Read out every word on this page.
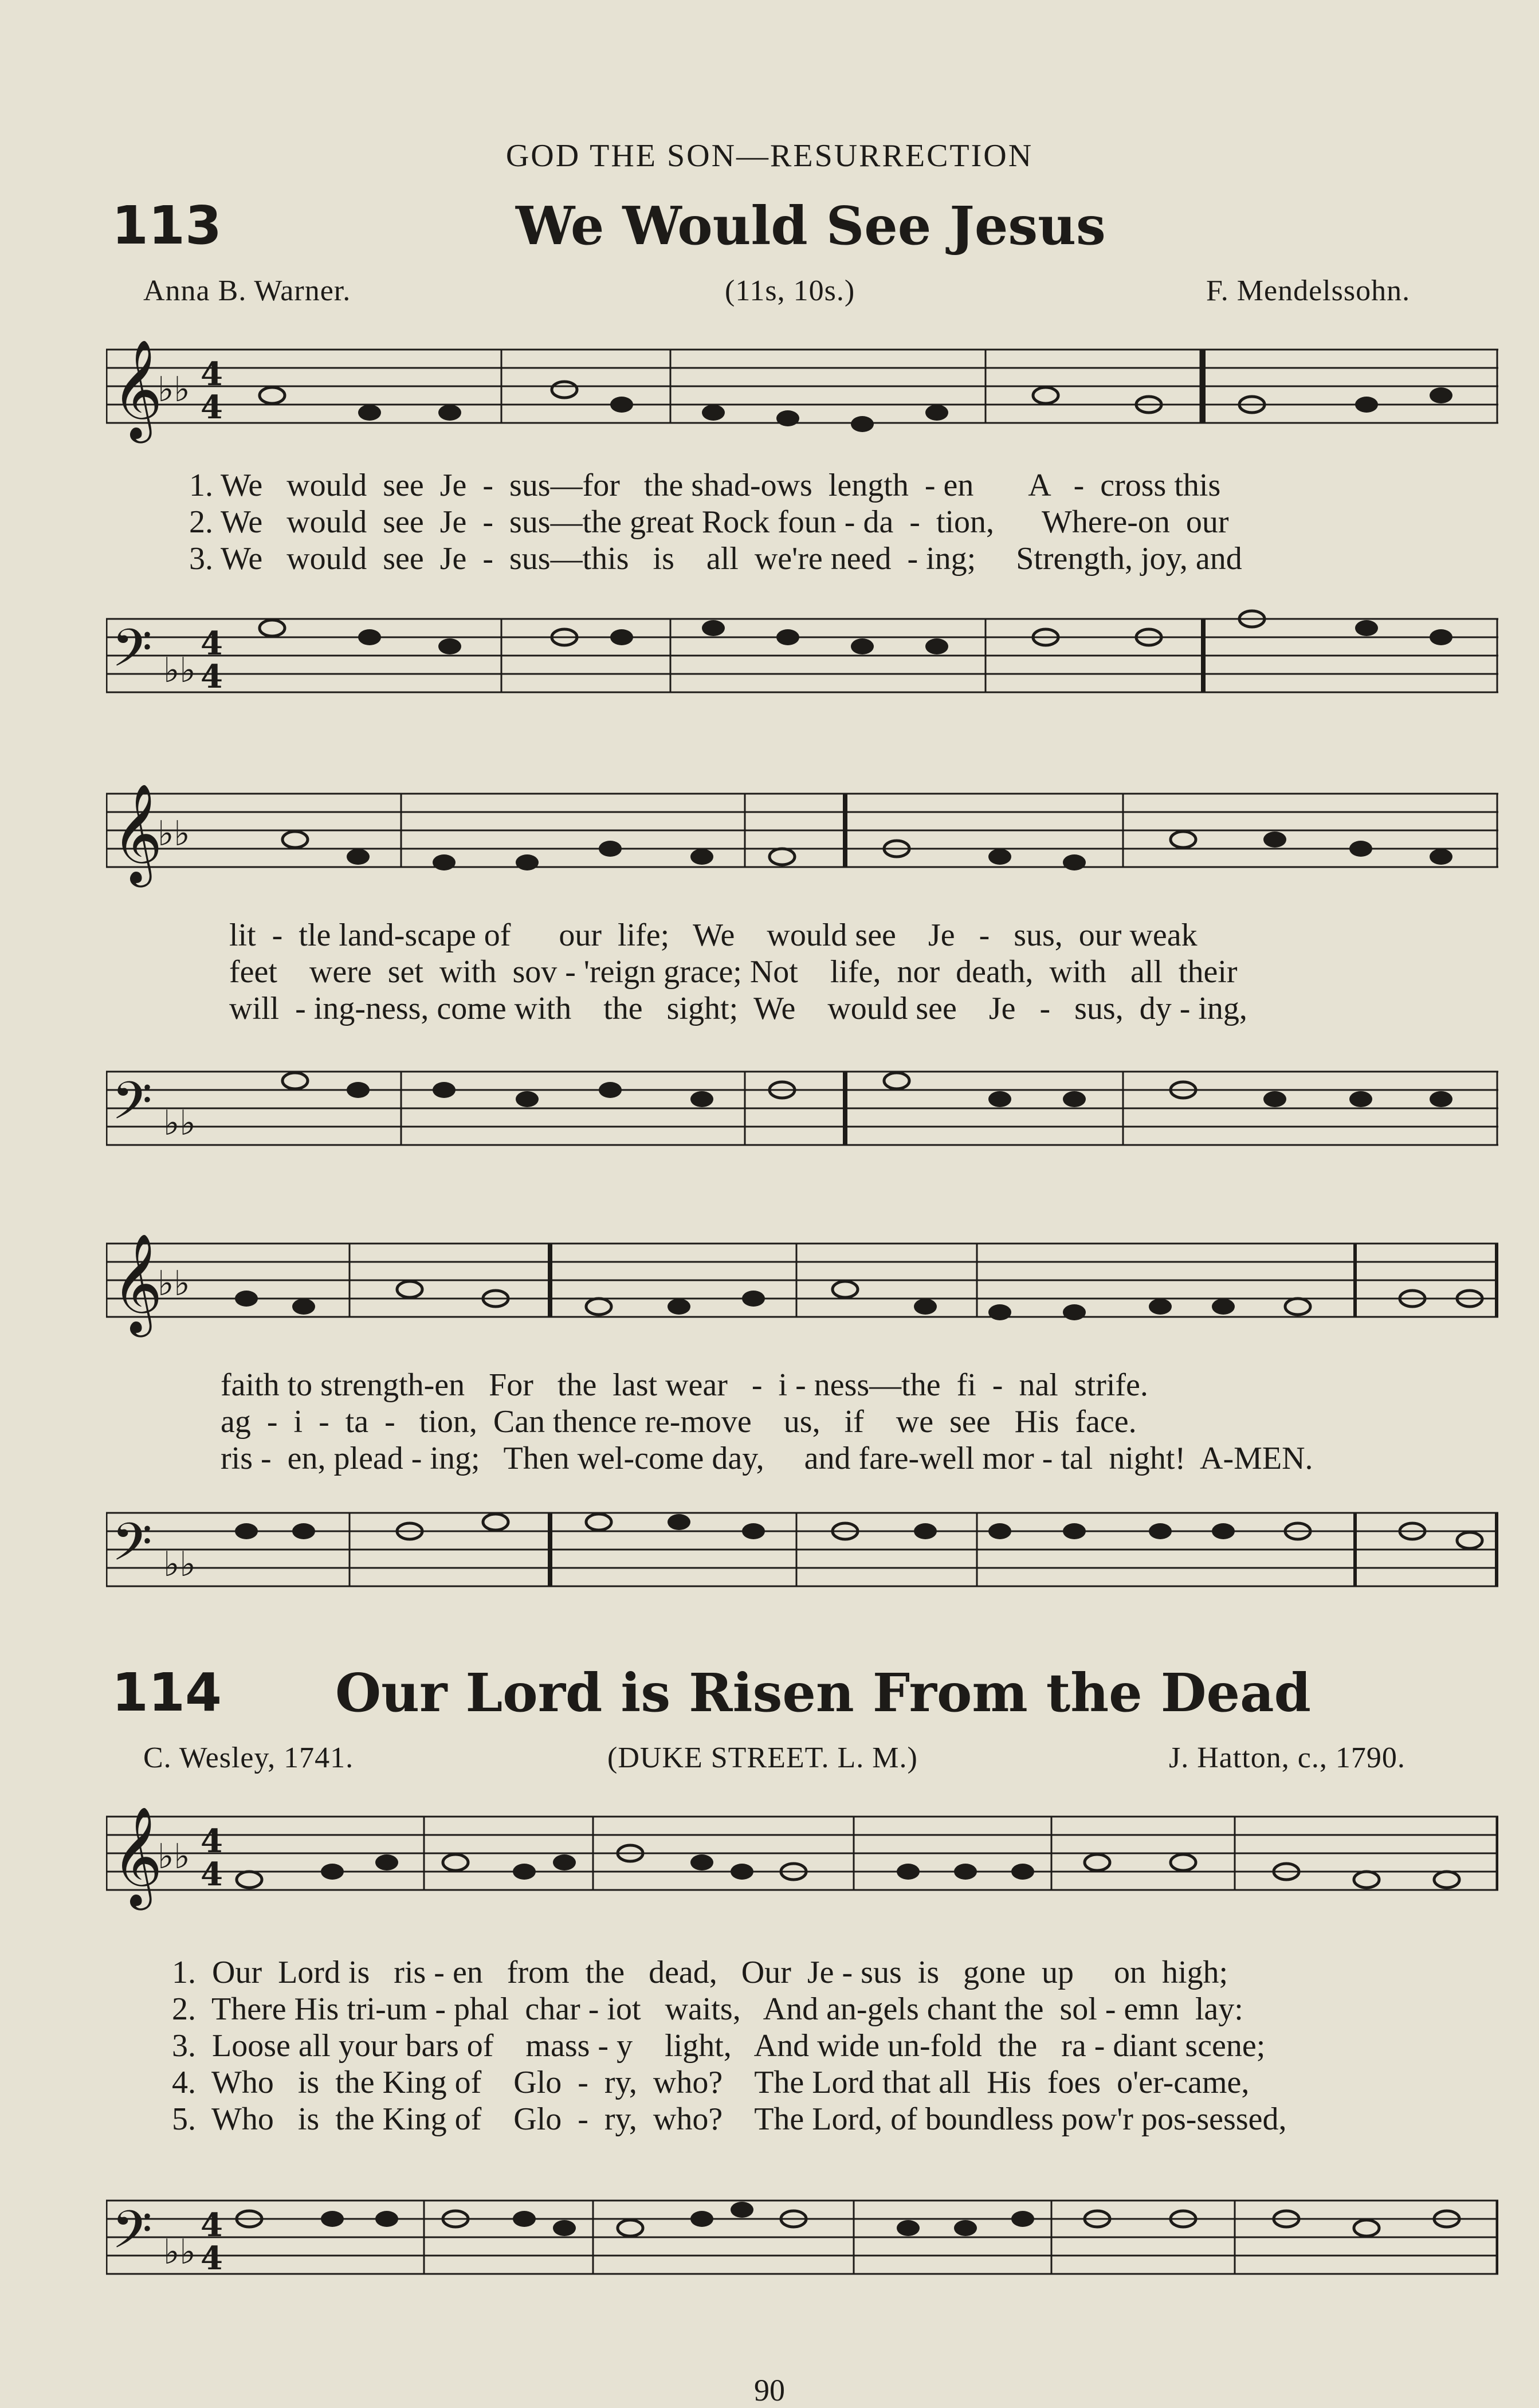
GOD THE SON—RESURRECTION
113	We Would See Jesus
Anna B. Warner.	(11s, 10s.)	F. Mendelssohn.
𝄞
♭♭ 4
4
1. We   would  see  Je  -  sus—for   the shad-ows  length  - en       A   -  cross this
2. We   would  see  Je  -  sus—the great Rock foun - da  -  tion,      Where-on  our
3. We   would  see  Je  -  sus—this   is    all  we're need  - ing;     Strength, joy, and
𝄢 ♭♭
4
4
𝄞
♭♭
lit  -  tle land-scape of      our  life;   We    would see    Je   -   sus,  our weak
feet    were  set  with  sov - 'reign grace; Not    life,  nor  death,  with   all  their
will  - ing-ness, come with    the   sight;  We    would see    Je   -   sus,  dy - ing,
𝄢 ♭♭
𝄞
♭♭
faith to strength-en   For   the  last wear   -  i - ness—the  fi  -  nal  strife.
ag  -  i  -  ta  -   tion,  Can thence re-move    us,   if    we  see   His  face.
ris -  en, plead - ing;   Then wel-come day,     and fare-well mor - tal  night!  A-MEN.
𝄢 ♭♭
114 Our Lord is Risen From the Dead
C. Wesley, 1741.	(DUKE STREET. L. M.)	J. Hatton, c., 1790.
𝄞
♭♭ 4
4
1.  Our  Lord is   ris - en   from  the   dead,   Our  Je - sus  is   gone  up     on  high;
2.  There His tri-um - phal  char - iot   waits,   And an-gels chant the  sol - emn  lay:
3.  Loose all your bars of    mass - y    light,   And wide un-fold  the   ra - diant scene;
4.  Who   is  the King of    Glo  -  ry,  who?    The Lord that all  His  foes  o'er-came,
5.  Who   is  the King of    Glo  -  ry,  who?    The Lord, of boundless pow'r pos-sessed,
𝄢 ♭♭
4
4
90
